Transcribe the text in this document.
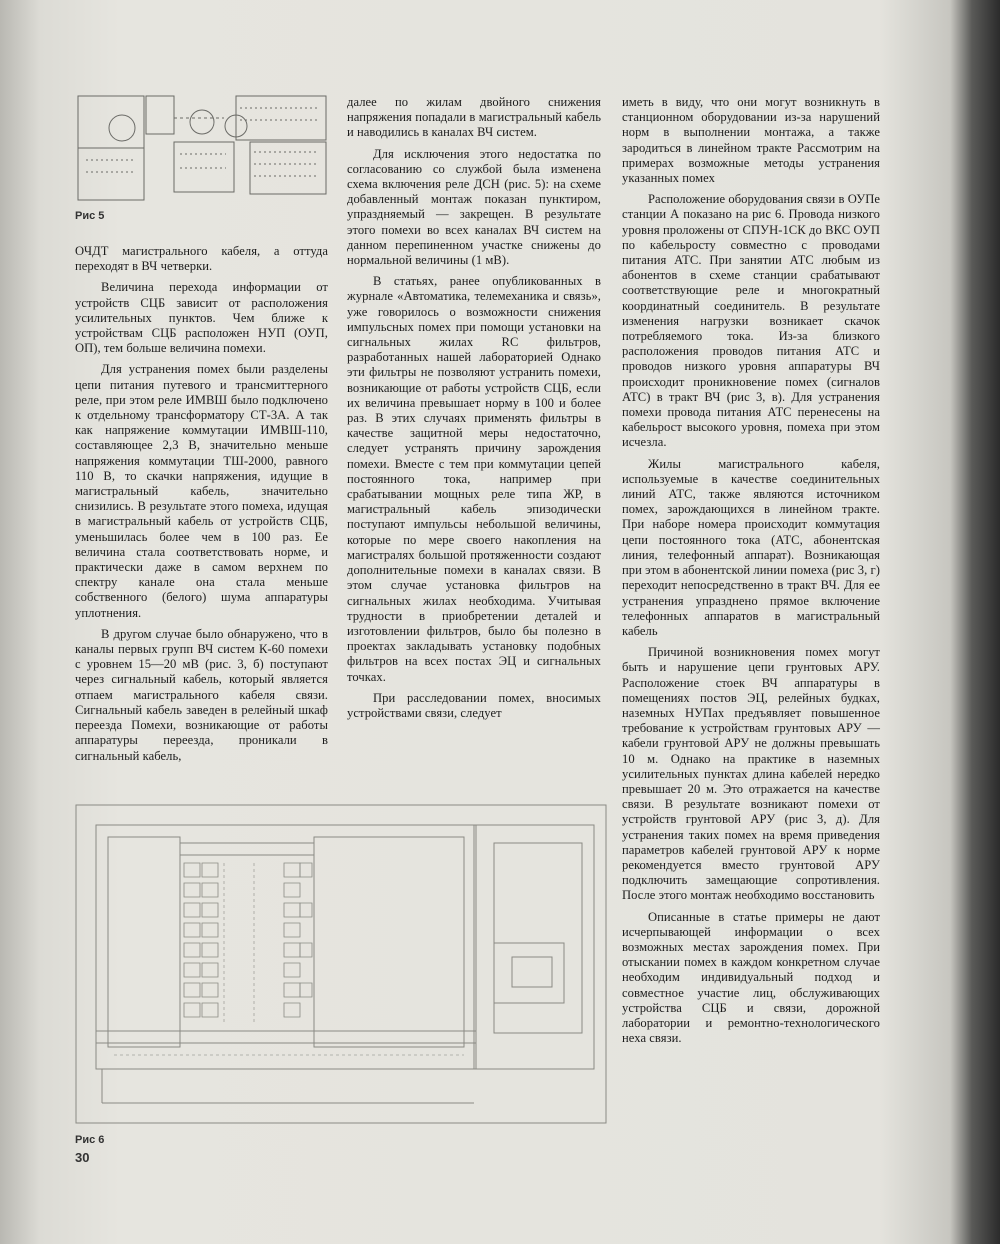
Рис 5

ОЧДТ магистрального кабеля, а оттуда переходят в ВЧ четверки.

Величина перехода информации от устройств СЦБ зависит от расположения усилительных пунктов. Чем ближе к устройствам СЦБ расположен НУП (ОУП, ОП), тем больше величина помехи.

Для устранения помех были разделены цепи питания путевого и трансмиттерного реле, при этом реле ИМВШ было подключено к отдельному трансформатору СТ-3А. А так как напряжение коммутации ИМВШ-110, составляющее 2,3 В, значительно меньше напряжения коммутации ТШ-2000, равного 110 В, то скачки напряжения, идущие в магистральный кабель, значительно снизились. В результате этого помеха, идущая в магистральный кабель от устройств СЦБ, уменьшилась более чем в 100 раз. Ее величина стала соответствовать норме, и практически даже в самом верхнем по спектру канале она стала меньше собственного (белого) шума аппаратуры уплотнения.

В другом случае было обнаружено, что в каналы первых групп ВЧ систем К-60 помехи с уровнем 15—20 мВ (рис. 3, б) поступают через сигнальный кабель, который является отпаем магистрального кабеля связи. Сигнальный кабель заведен в релейный шкаф переезда Помехи, возникающие от работы аппаратуры переезда, проникали в сигнальный кабель,

далее по жилам двойного снижения напряжения попадали в магистральный кабель и наводились в каналах ВЧ систем.

Для исключения этого недостатка по согласованию со службой была изменена схема включения реле ДСН (рис. 5): на схеме добавленный монтаж показан пунктиром, упраздняемый — закрещен. В результате этого помехи во всех каналах ВЧ систем на данном перепиненном участке снижены до нормальной величины (1 мВ).

В статьях, ранее опубликованных в журнале «Автоматика, телемеханика и связь», уже говорилось о возможности снижения импульсных помех при помощи установки на сигнальных жилах RC фильтров, разработанных нашей лабораторией Однако эти фильтры не позволяют устранить помехи, возникающие от работы устройств СЦБ, если их величина превышает норму в 100 и более раз. В этих случаях применять фильтры в качестве защитной меры недостаточно, следует устранять причину зарождения помехи. Вместе с тем при коммутации цепей постоянного тока, например при срабатывании мощных реле типа ЖР, в магистральный кабель эпизодически поступают импульсы небольшой величины, которые по мере своего накопления на магистралях большой протяженности создают дополнительные помехи в каналах связи. В этом случае установка фильтров на сигнальных жилах необходима. Учитывая трудности в приобретении деталей и изготовлении фильтров, было бы полезно в проектах закладывать установку подобных фильтров на всех постах ЭЦ и сигнальных точках.

При расследовании помех, вносимых устройствами связи, следует

иметь в виду, что они могут возникнуть в станционном оборудовании из-за нарушений норм в выполнении монтажа, а также зародиться в линейном тракте Рассмотрим на примерах возможные методы устранения указанных помех

Расположение оборудования связи в ОУПе станции А показано на рис 6. Провода низкого уровня проложены от СПУН-1СК до ВКС ОУП по кабельросту совместно с проводами питания АТС. При занятии АТС любым из абонентов в схеме станции срабатывают соответствующие реле и многократный координатный соединитель. В результате изменения нагрузки возникает скачок потребляемого тока. Из-за близкого расположения проводов питания АТС и проводов низкого уровня аппаратуры ВЧ происходит проникновение помех (сигналов АТС) в тракт ВЧ (рис 3, в). Для устранения помехи провода питания АТС перенесены на кабельрост высокого уровня, помеха при этом исчезла.

Жилы магистрального кабеля, используемые в качестве соединительных линий АТС, также являются источником помех, зарождающихся в линейном тракте. При наборе номера происходит коммутация цепи постоянного тока (АТС, абонентская линия, телефонный аппарат). Возникающая при этом в абонентской линии помеха (рис 3, г) переходит непосредственно в тракт ВЧ. Для ее устранения упразднено прямое включение телефонных аппаратов в магистральный кабель

Причиной возникновения помех могут быть и нарушение цепи грунтовых АРУ. Расположение стоек ВЧ аппаратуры в помещениях постов ЭЦ, релейных будках, наземных НУПах предъявляет повышенное требование к устройствам грунтовых АРУ — кабели грунтовой АРУ не должны превышать 10 м. Однако на практике в наземных усилительных пунктах длина кабелей нередко превышает 20 м. Это отражается на качестве связи. В результате возникают помехи от устройств грунтовой АРУ (рис 3, д). Для устранения таких помех на время приведения параметров кабелей грунтовой АРУ к норме рекомендуется вместо грунтовой АРУ подключить замещающие сопротивления. После этого монтаж необходимо восстановить

Описанные в статье примеры не дают исчерпывающей информации о всех возможных местах зарождения помех. При отыскании помех в каждом конкретном случае необходим индивидуальный подход и совместное участие лиц, обслуживающих устройства СЦБ и связи, дорожной лаборатории и ремонтно-технологического неха связи.

Рис 6
30
